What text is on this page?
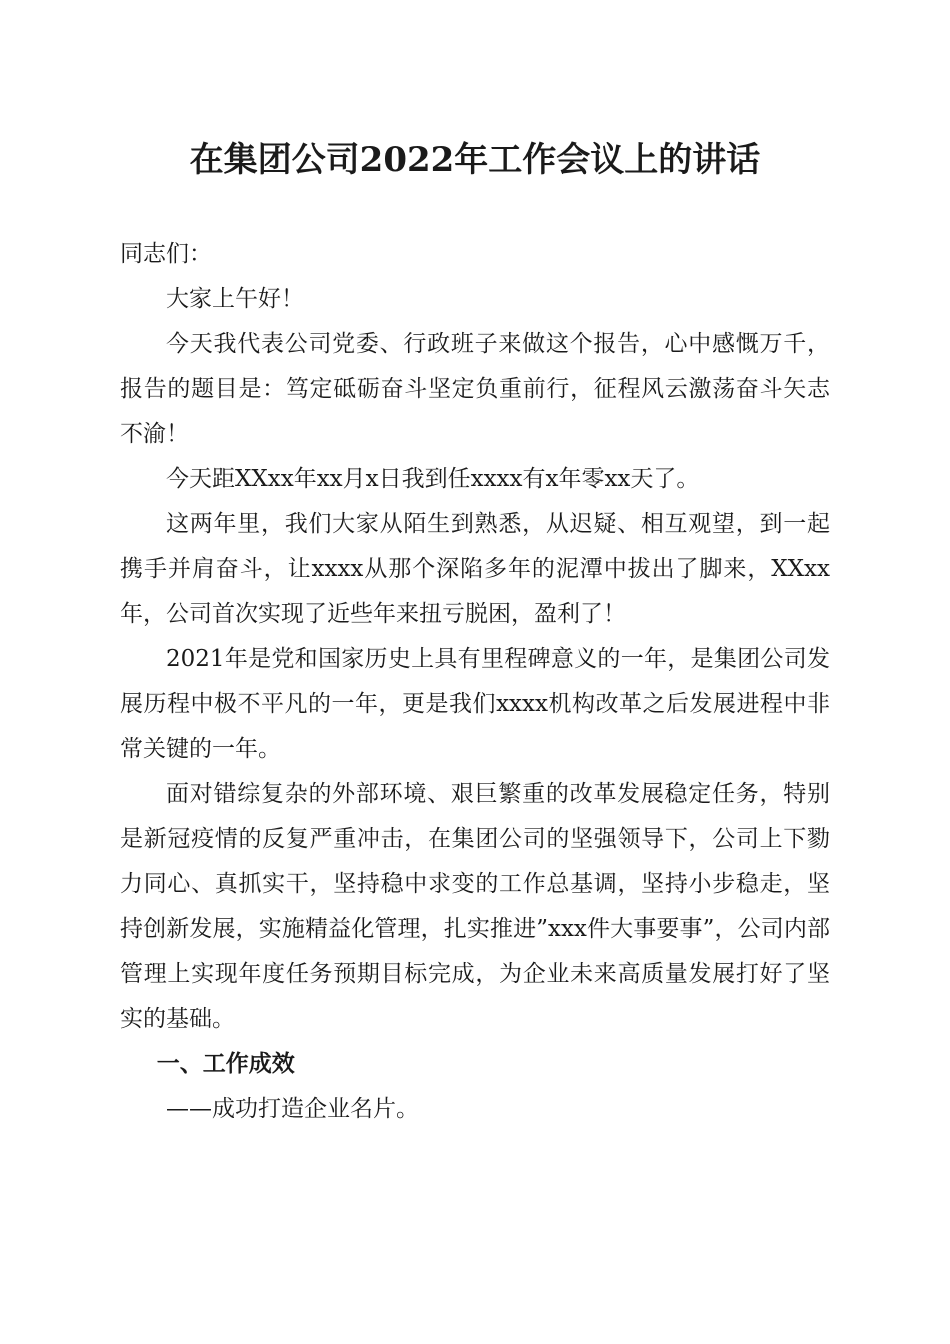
在集团公司2022年工作会议上的讲话

同志们：

大家上午好！

今天我代表公司党委、行政班子来做这个报告，心中感慨万千，报告的题目是：笃定砥砺奋斗坚定负重前行，征程风云激荡奋斗矢志不渝！

今天距XXxx年xx月x日我到任xxxx有x年零xx天了。

这两年里，我们大家从陌生到熟悉，从迟疑、相互观望，到一起携手并肩奋斗，让xxxx从那个深陷多年的泥潭中拔出了脚来，XXxx年，公司首次实现了近些年来扭亏脱困，盈利了！

2021年是党和国家历史上具有里程碑意义的一年，是集团公司发展历程中极不平凡的一年，更是我们xxxx机构改革之后发展进程中非常关键的一年。

面对错综复杂的外部环境、艰巨繁重的改革发展稳定任务，特别是新冠疫情的反复严重冲击，在集团公司的坚强领导下，公司上下勠力同心、真抓实干，坚持稳中求变的工作总基调，坚持小步稳走，坚持创新发展，实施精益化管理，扎实推进”xxx件大事要事”，公司内部管理上实现年度任务预期目标完成，为企业未来高质量发展打好了坚实的基础。

一、工作成效

——成功打造企业名片。
